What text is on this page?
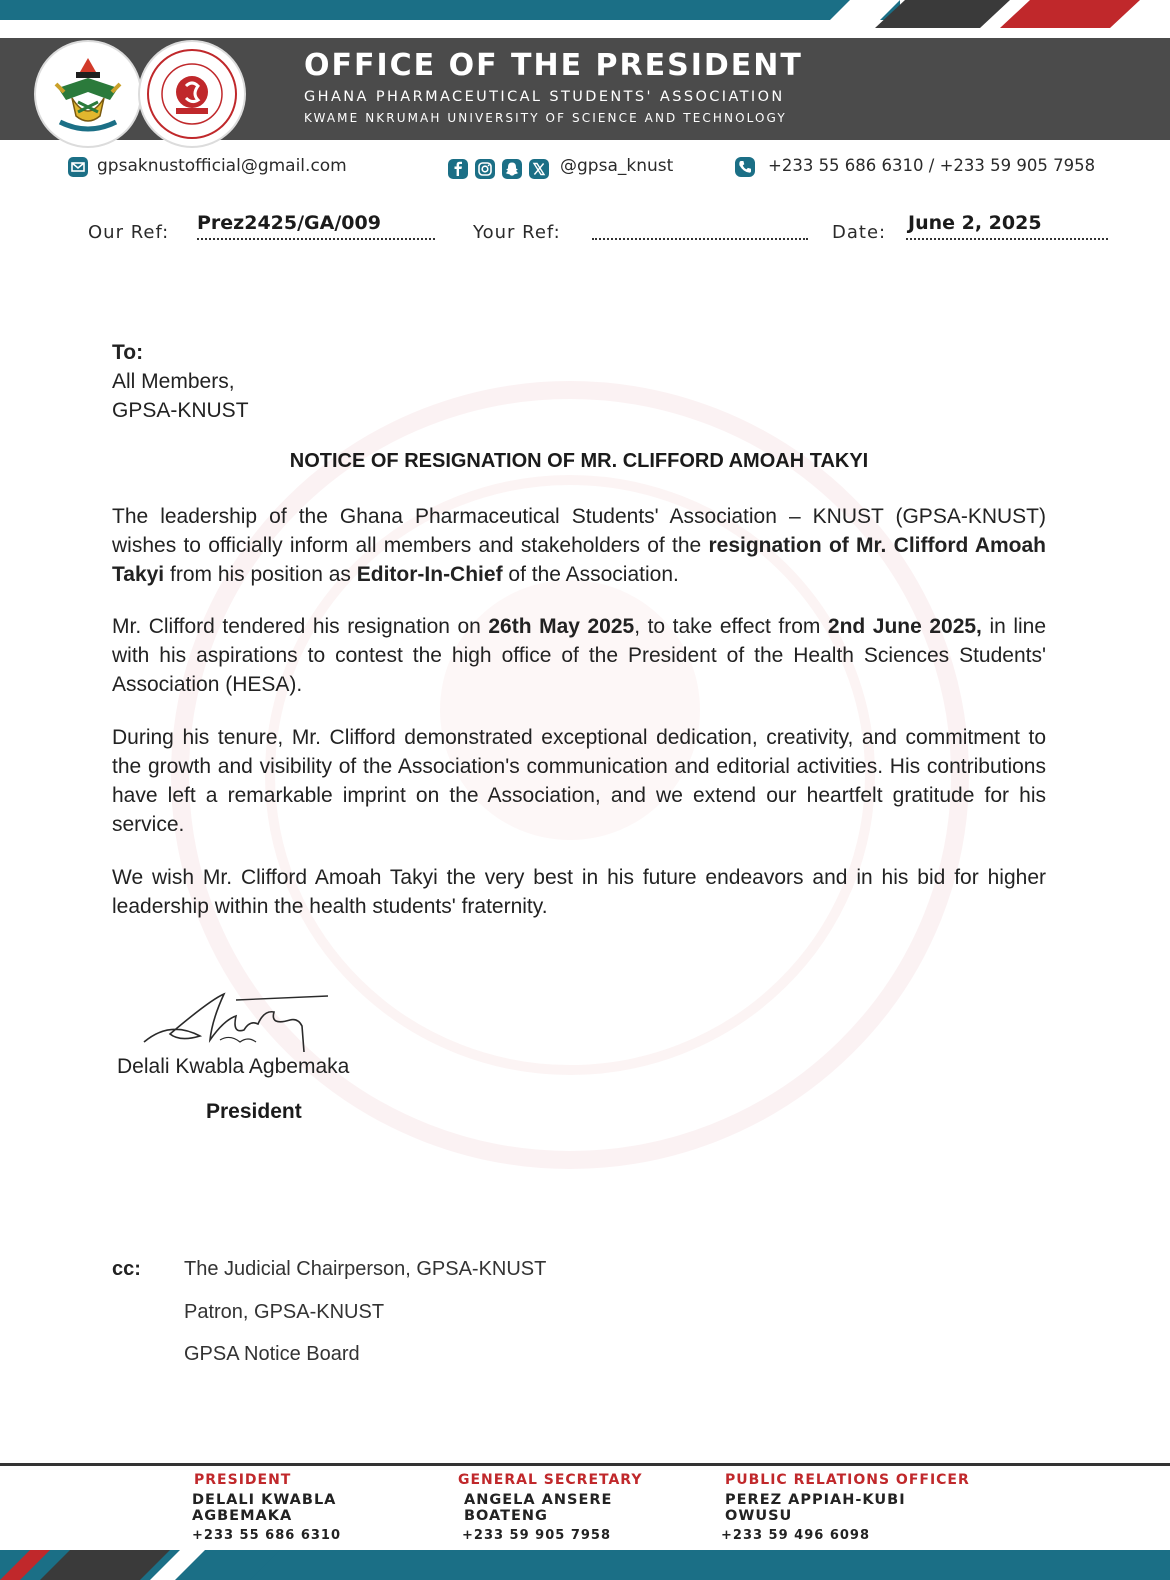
OFFICE OF THE PRESIDENT
GHANA PHARMACEUTICAL STUDENTS' ASSOCIATION
KWAME NKRUMAH UNIVERSITY OF SCIENCE AND TECHNOLOGY
gpsaknustofficial@gmail.com	@gpsa_knust	+233 55 686 6310 / +233 59 905 7958
Our Ref: Prez2425/GA/009	Your Ref:	Date: June 2, 2025
To:
All Members,
GPSA-KNUST
NOTICE OF RESIGNATION OF MR. CLIFFORD AMOAH TAKYI
The leadership of the Ghana Pharmaceutical Students' Association – KNUST (GPSA-KNUST) wishes to officially inform all members and stakeholders of the resignation of Mr. Clifford Amoah Takyi from his position as Editor-In-Chief of the Association.
Mr. Clifford tendered his resignation on 26th May 2025, to take effect from 2nd June 2025, in line with his aspirations to contest the high office of the President of the Health Sciences Students' Association (HESA).
During his tenure, Mr. Clifford demonstrated exceptional dedication, creativity, and commitment to the growth and visibility of the Association's communication and editorial activities. His contributions have left a remarkable imprint on the Association, and we extend our heartfelt gratitude for his service.
We wish Mr. Clifford Amoah Takyi the very best in his future endeavors and in his bid for higher leadership within the health students' fraternity.
Delali Kwabla Agbemaka
President
cc: The Judicial Chairperson, GPSA-KNUST
Patron, GPSA-KNUST
GPSA Notice Board
PRESIDENT
DELALI KWABLA
AGBEMAKA
+233 55 686 6310
GENERAL SECRETARY
ANGELA ANSERE
BOATENG
+233 59 905 7958
PUBLIC RELATIONS OFFICER
PEREZ APPIAH-KUBI
OWUSU
+233 59 496 6098
